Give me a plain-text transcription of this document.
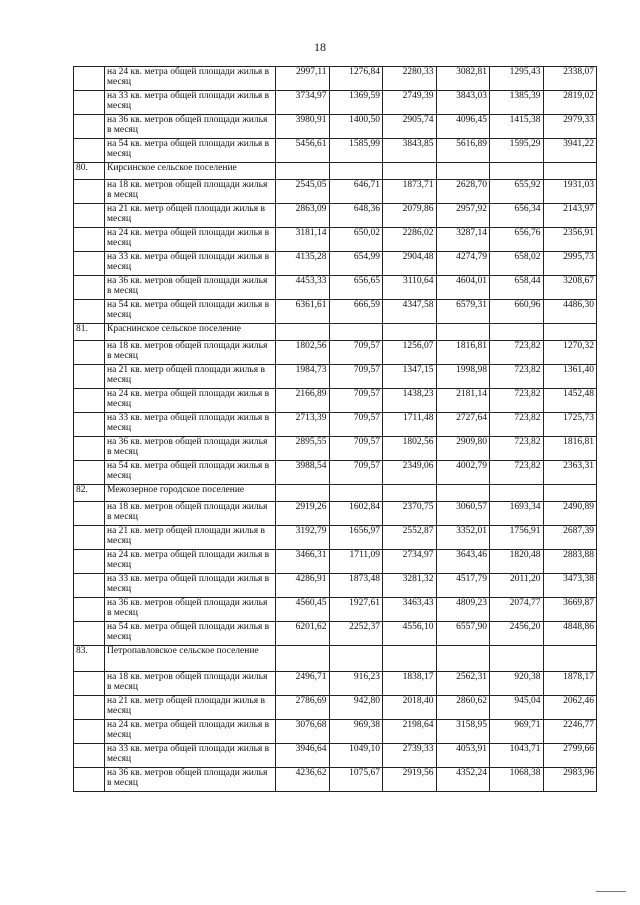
18
	на 24 кв. метра общей площади жилья в месяц	2997,11	1276,84	2280,33	3082,81	1295,43	2338,07
	на 33 кв. метра общей площади жилья в месяц	3734,97	1369,59	2749,39	3843,03	1385,39	2819,02
	на 36 кв. метров общей площади жилья в месяц	3980,91	1400,50	2905,74	4096,45	1415,38	2979,33
	на 54 кв. метра общей площади жилья в месяц	5456,61	1585,99	3843,85	5616,89	1595,29	3941,22
80.	Кирсинское сельское поселение						
	на 18 кв. метров общей площади жилья в месяц	2545,05	646,71	1873,71	2628,70	655,92	1931,03
	на 21 кв. метр общей площади жилья в месяц	2863,09	648,36	2079,86	2957,92	656,34	2143,97
	на 24 кв. метра общей площади жилья в месяц	3181,14	650,02	2286,02	3287,14	656,76	2356,91
	на 33 кв. метра общей площади жилья в месяц	4135,28	654,99	2904,48	4274,79	658,02	2995,73
	на 36 кв. метров общей площади жилья в месяц	4453,33	656,65	3110,64	4604,01	658,44	3208,67
	на 54 кв. метра общей площади жилья в месяц	6361,61	666,59	4347,58	6579,31	660,96	4486,30
81.	Краснинское сельское поселение						
	на 18 кв. метров общей площади жилья в месяц	1802,56	709,57	1256,07	1816,81	723,82	1270,32
	на 21 кв. метр общей площади жилья в месяц	1984,73	709,57	1347,15	1998,98	723,82	1361,40
	на 24 кв. метра общей площади жилья в месяц	2166,89	709,57	1438,23	2181,14	723,82	1452,48
	на 33 кв. метра общей площади жилья в месяц	2713,39	709,57	1711,48	2727,64	723,82	1725,73
	на 36 кв. метров общей площади жилья в месяц	2895,55	709,57	1802,56	2909,80	723,82	1816,81
	на 54 кв. метра общей площади жилья в месяц	3988,54	709,57	2349,06	4002,79	723,82	2363,31
82.	Межозерное городское поселение						
	на 18 кв. метров общей площади жилья в месяц	2919,26	1602,84	2370,75	3060,57	1693,34	2490,89
	на 21 кв. метр общей площади жилья в месяц	3192,79	1656,97	2552,87	3352,01	1756,91	2687,39
	на 24 кв. метра общей площади жилья в месяц	3466,31	1711,09	2734,97	3643,46	1820,48	2883,88
	на 33 кв. метра общей площади жилья в месяц	4286,91	1873,48	3281,32	4517,79	2011,20	3473,38
	на 36 кв. метров общей площади жилья в месяц	4560,45	1927,61	3463,43	4809,23	2074,77	3669,87
	на 54 кв. метра общей площади жилья в месяц	6201,62	2252,37	4556,10	6557,90	2456,20	4848,86
83.	Петропавловское сельское поселение						
	на 18 кв. метров общей площади жилья в месяц	2496,71	916,23	1838,17	2562,31	920,38	1878,17
	на 21 кв. метр общей площади жилья в месяц	2786,69	942,80	2018,40	2860,62	945,04	2062,46
	на 24 кв. метра общей площади жилья в месяц	3076,68	969,38	2198,64	3158,95	969,71	2246,77
	на 33 кв. метра общей площади жилья в месяц	3946,64	1049,10	2739,33	4053,91	1043,71	2799,66
	на 36 кв. метров общей площади жилья в месяц	4236,62	1075,67	2919,56	4352,24	1068,38	2983,96
